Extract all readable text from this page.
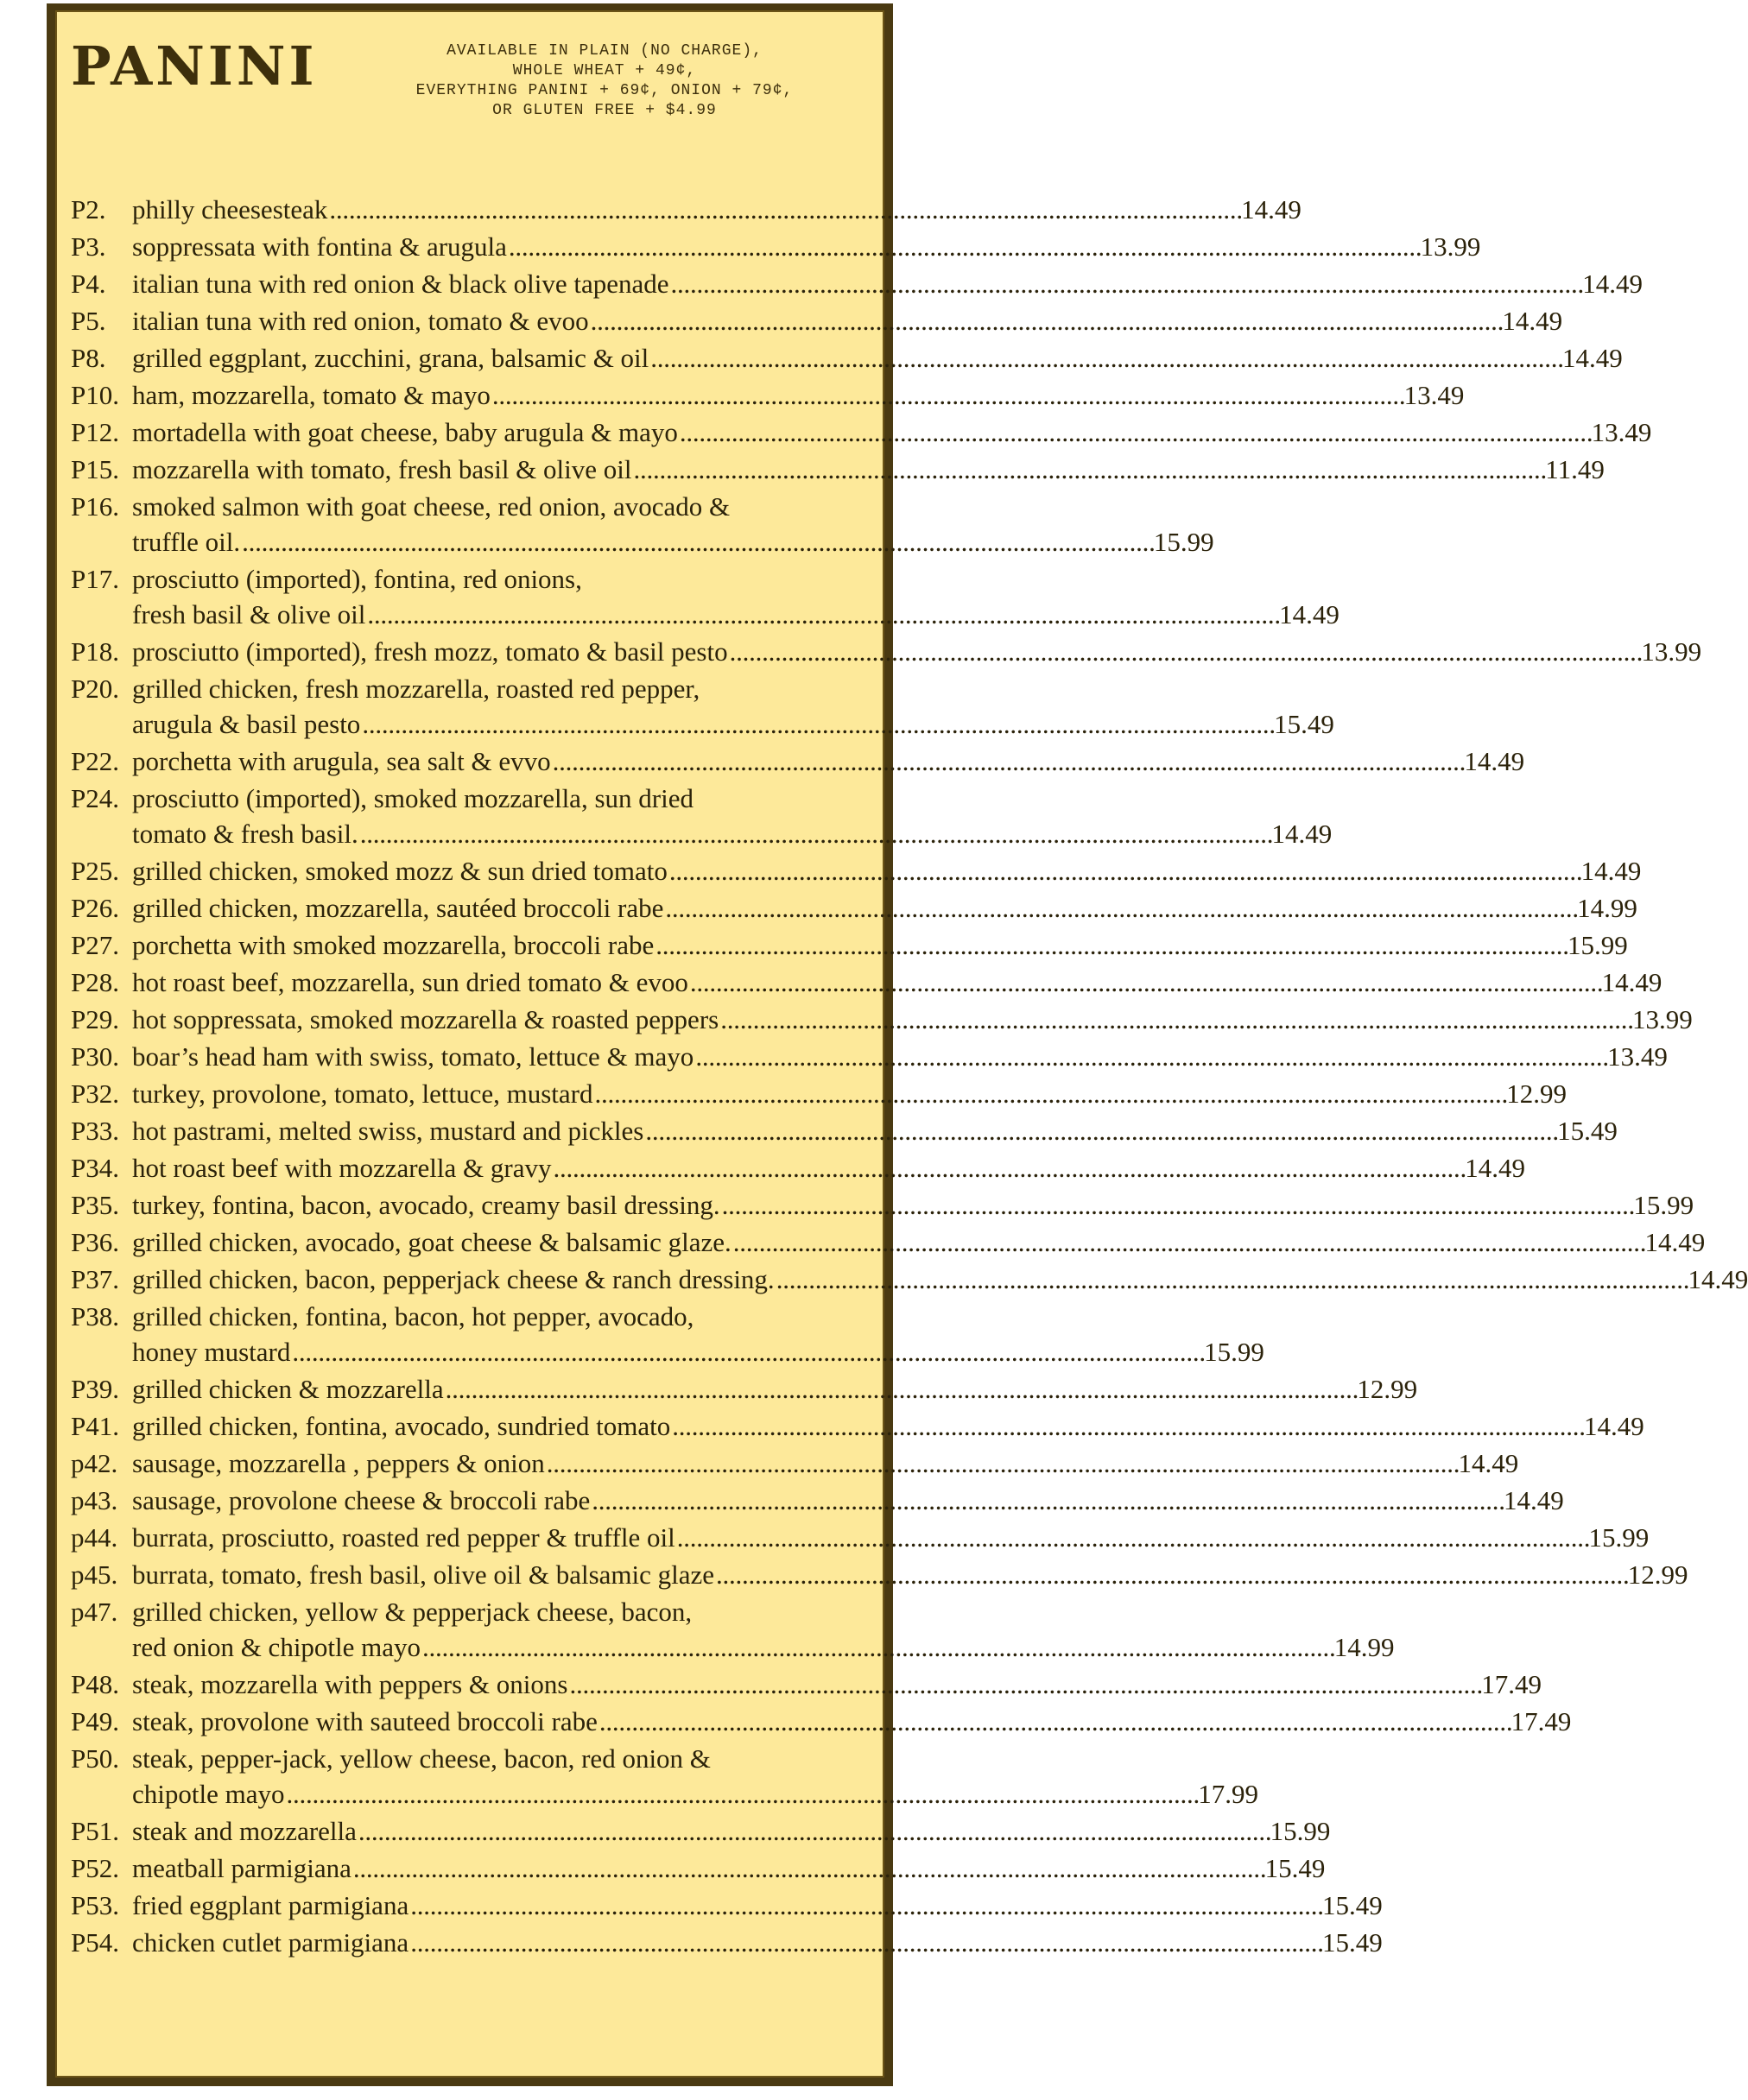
PANINI	AVAILABLE IN PLAIN (NO CHARGE),
WHOLE WHEAT + 49¢,
EVERYTHING PANINI + 69¢, ONION + 79¢,
OR GLUTEN FREE + $4.99
P2. philly cheesesteak . . .	14.49
P3. soppressata with fontina & arugula . . .	13.99
P4. italian tuna with red onion & black olive tapenade . . .	14.49
P5. italian tuna with red onion, tomato & evoo . . .	14.49
P8. grilled eggplant, zucchini, grana, balsamic & oil . . .	14.49
P10. ham, mozzarella, tomato & mayo . . .	13.49
P12. mortadella with goat cheese, baby arugula & mayo . . .	13.49
P15. mozzarella with tomato, fresh basil & olive oil . . .	11.49
P16. smoked salmon with goat cheese, red onion, avocado &
truffle oil. . . .	15.99
P17. prosciutto (imported), fontina, red onions,
fresh basil & olive oil . . .	14.49
P18. prosciutto (imported), fresh mozz, tomato & basil pesto . . .	13.99
P20. grilled chicken, fresh mozzarella, roasted red pepper,
arugula & basil pesto . . .	15.49
P22. porchetta with arugula, sea salt & evvo . . .	14.49
P24. prosciutto (imported), smoked mozzarella, sun dried
tomato & fresh basil. . . .	14.49
P25. grilled chicken, smoked mozz & sun dried tomato . . .	14.49
P26. grilled chicken, mozzarella, sautéed broccoli rabe . . .	14.99
P27. porchetta with smoked mozzarella, broccoli rabe . . .	15.99
P28. hot roast beef, mozzarella, sun dried tomato & evoo . . .	14.49
P29. hot soppressata, smoked mozzarella & roasted peppers . . .	13.99
P30. boar’s head ham with swiss, tomato, lettuce & mayo . . .	13.49
P32. turkey, provolone, tomato, lettuce, mustard . . .	12.99
P33. hot pastrami, melted swiss, mustard and pickles . . .	15.49
P34. hot roast beef with mozzarella & gravy . . .	14.49
P35. turkey, fontina, bacon, avocado, creamy basil dressing. . . .	15.99
P36. grilled chicken, avocado, goat cheese & balsamic glaze. . . .	14.49
P37. grilled chicken, bacon, pepperjack cheese & ranch dressing. . . .	14.49
P38. grilled chicken, fontina, bacon, hot pepper, avocado,
honey mustard . . .	15.99
P39. grilled chicken & mozzarella . . .	12.99
P41. grilled chicken, fontina, avocado, sundried tomato . . .	14.49
p42. sausage, mozzarella , peppers & onion . . .	14.49
p43. sausage, provolone cheese & broccoli rabe . . .	14.49
p44. burrata, prosciutto, roasted red pepper & truffle oil . . .	15.99
p45. burrata, tomato, fresh basil, olive oil & balsamic glaze . . .	12.99
p47. grilled chicken, yellow & pepperjack cheese, bacon,
red onion & chipotle mayo . . .	14.99
P48. steak, mozzarella with peppers & onions . . .	17.49
P49. steak, provolone with sauteed broccoli rabe . . .	17.49
P50. steak, pepper-jack, yellow cheese, bacon, red onion &
chipotle mayo . . .	17.99
P51. steak and mozzarella . . .	15.99
P52. meatball parmigiana . . .	15.49
P53. fried eggplant parmigiana . . .	15.49
P54. chicken cutlet parmigiana . . .	15.49
